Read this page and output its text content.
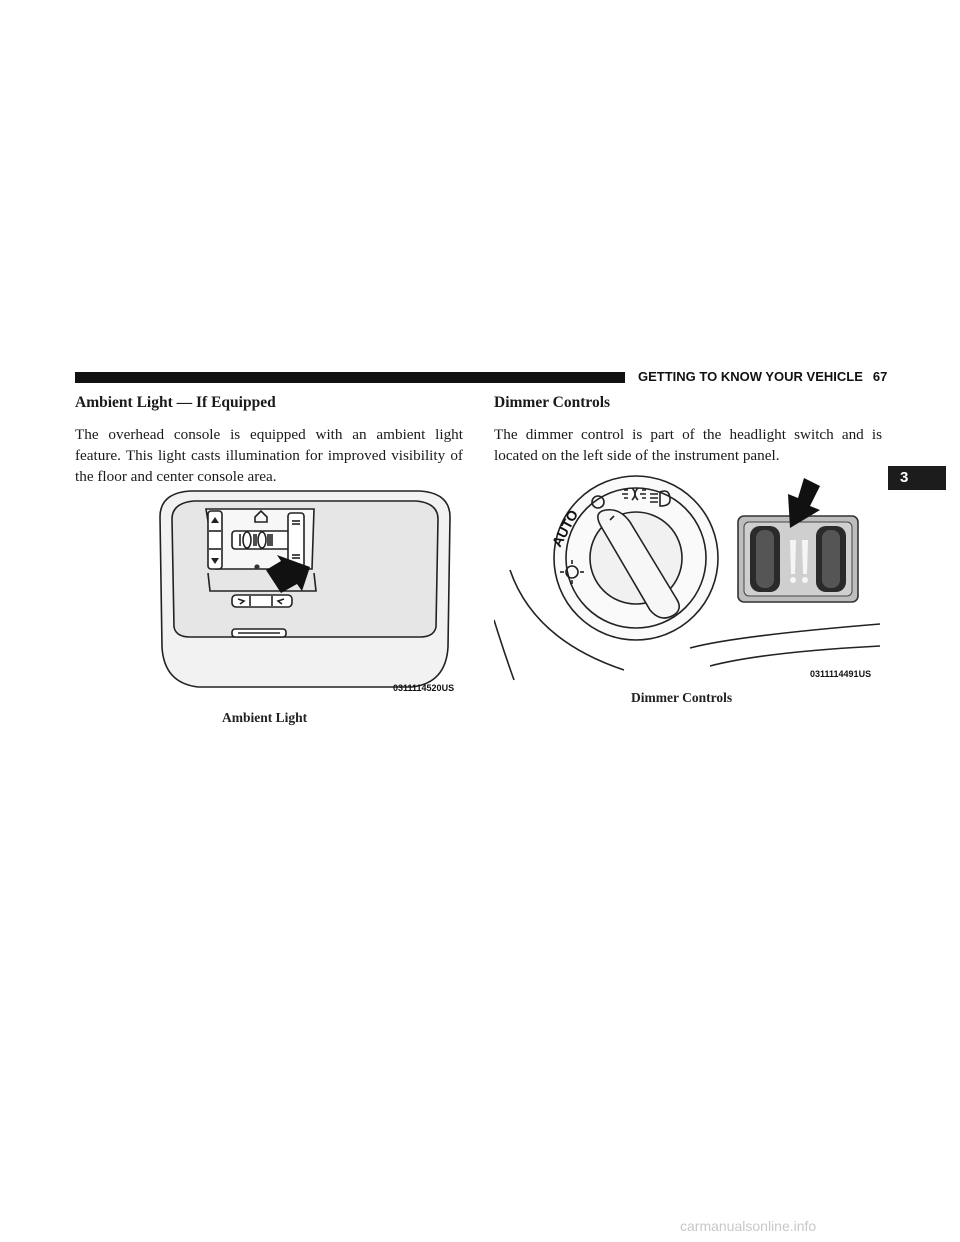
GETTING TO KNOW YOUR VEHICLE 67
3
Ambient Light — If Equipped

The overhead console is equipped with an ambient light feature. This light casts illumination for improved visibility of the floor and center console area.

Dimmer Controls

The dimmer control is part of the headlight switch and is located on the left side of the instrument panel.

0311114520US
Ambient Light
AUTO
0311114491US
Dimmer Controls
carmanualsonline.info
